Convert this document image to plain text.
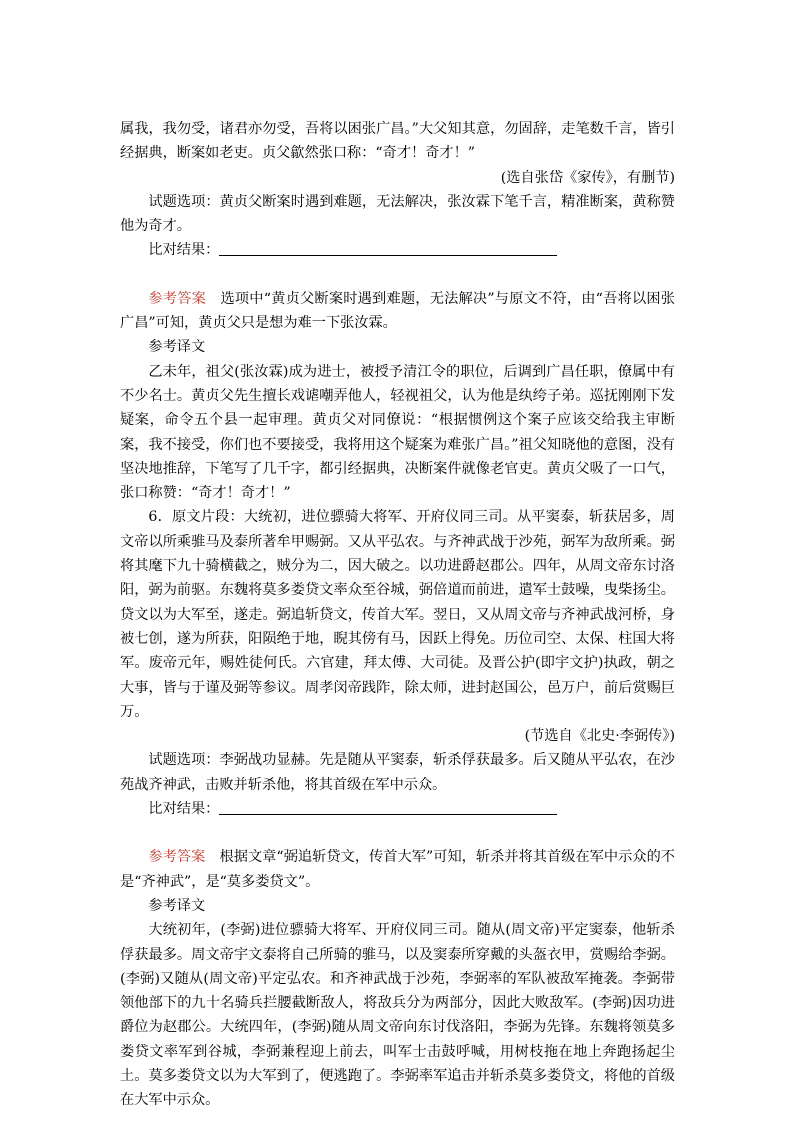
属我，我勿受，诸君亦勿受，吾将以困张广昌。”大父知其意，勿固辞，走笔数千言，皆引经据典，断案如老吏。贞父歙然张口称：“奇才！奇才！”

(选自张岱《家传》，有删节)

试题选项：黄贞父断案时遇到难题，无法解决，张汝霖下笔千言，精准断案，黄称赞他为奇才。

比对结果：

参考答案　 选项中“黄贞父断案时遇到难题，无法解决”与原文不符，由“吾将以困张广昌”可知，黄贞父只是想为难一下张汝霖。

参考译文

乙未年，祖父(张汝霖)成为进士，被授予清江令的职位，后调到广昌任职，僚属中有不少名士。黄贞父先生擅长戏谑嘲弄他人，轻视祖父，认为他是纨绔子弟。巡抚刚刚下发疑案，命令五个县一起审理。黄贞父对同僚说：“根据惯例这个案子应该交给我主审断案，我不接受，你们也不要接受，我将用这个疑案为难张广昌。”祖父知晓他的意图，没有坚决地推辞，下笔写了几千字，都引经据典，决断案件就像老官吏。黄贞父吸了一口气，张口称赞：“奇才！奇才！”

6．原文片段：大统初，进位骠骑大将军、开府仪同三司。从平窦泰，斩获居多，周文帝以所乘骓马及泰所著牟甲赐弼。又从平弘农。与齐神武战于沙苑，弼军为敌所乘。弼将其麾下九十骑横截之，贼分为二，因大破之。以功进爵赵郡公。四年，从周文帝东讨洛阳，弼为前驱。东魏将莫多娄贷文率众至谷城，弼倍道而前进，遣军士鼓噪，曳柴扬尘。贷文以为大军至，遂走。弼追斩贷文，传首大军。翌日，又从周文帝与齐神武战河桥，身被七创，遂为所获，阳陨绝于地，睨其傍有马，因跃上得免。历位司空、太保、柱国大将军。废帝元年，赐姓徒何氏。六官建，拜太傅、大司徒。及晋公护(即宇文护)执政，朝之大事，皆与于谨及弼等参议。周孝闵帝践阼，除太师，进封赵国公，邑万户，前后赏赐巨万。

(节选自《北史·李弼传》)

试题选项：李弼战功显赫。先是随从平窦泰，斩杀俘获最多。后又随从平弘农，在沙苑战齐神武，击败并斩杀他，将其首级在军中示众。

比对结果：

参考答案　 根据文章“弼追斩贷文，传首大军”可知，斩杀并将其首级在军中示众的不是“齐神武”，是“莫多娄贷文”。

参考译文

大统初年，(李弼)进位骠骑大将军、开府仪同三司。随从(周文帝)平定窦泰，他斩杀俘获最多。周文帝宇文泰将自己所骑的骓马，以及窦泰所穿戴的头盔衣甲，赏赐给李弼。(李弼)又随从(周文帝)平定弘农。和齐神武战于沙苑，李弼率的军队被敌军掩袭。李弼带领他部下的九十名骑兵拦腰截断敌人，将敌兵分为两部分，因此大败敌军。(李弼)因功进爵位为赵郡公。大统四年，(李弼)随从周文帝向东讨伐洛阳，李弼为先锋。东魏将领莫多娄贷文率军到谷城，李弼兼程迎上前去，叫军士击鼓呼喊，用树枝拖在地上奔跑扬起尘土。莫多娄贷文以为大军到了，便逃跑了。李弼率军追击并斩杀莫多娄贷文，将他的首级在大军中示众。
